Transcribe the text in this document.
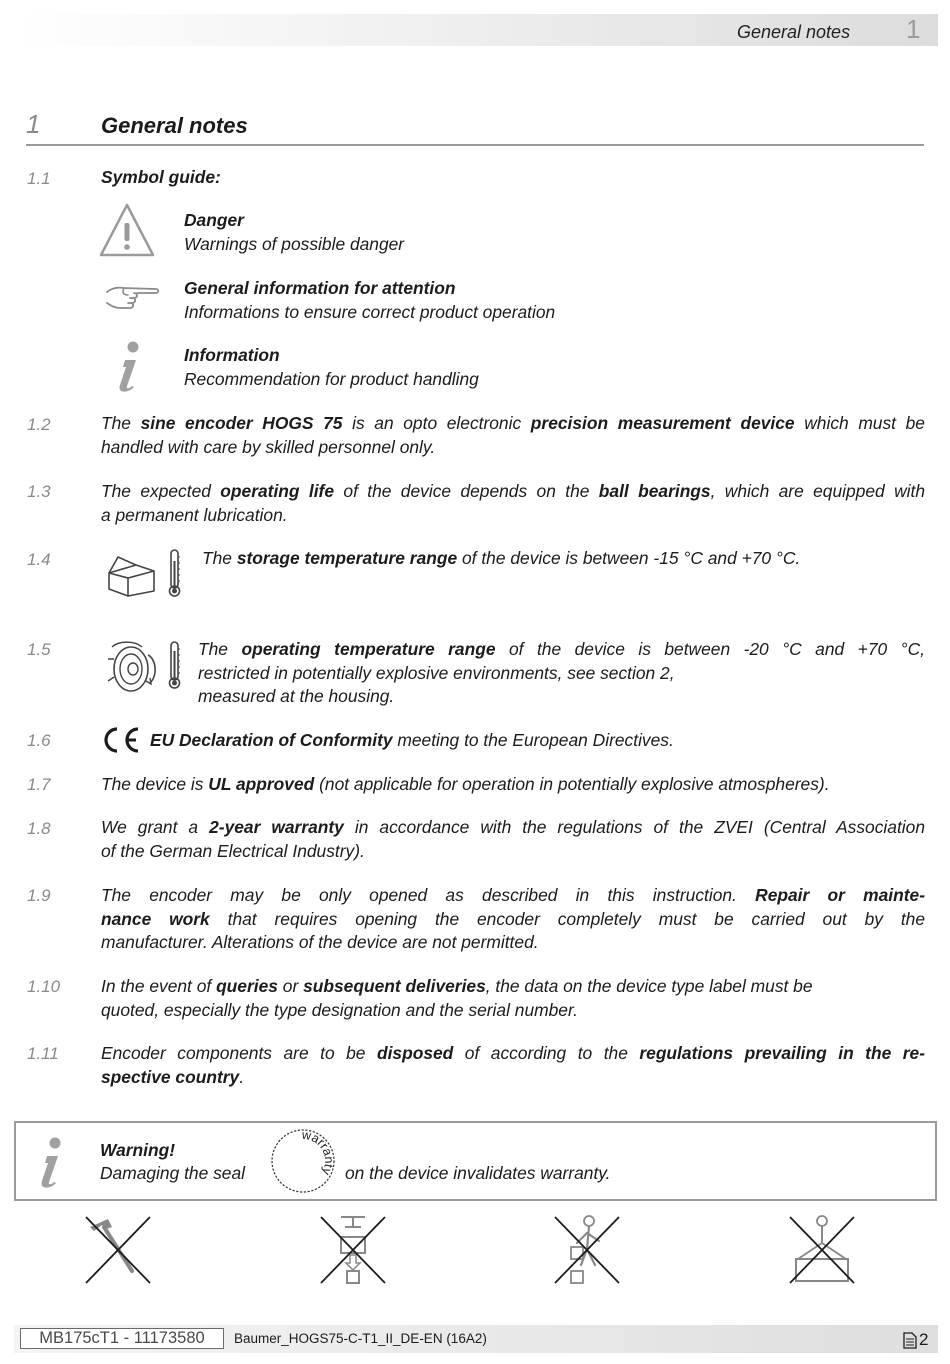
General notes 1
1	General notes
1.1	Symbol guide:
Danger
Warnings of possible danger
General information for attention
Informations to ensure correct product operation
Information
Recommendation for product handling
1.2	The sine encoder HOGS 75 is an opto electronic precision measurement device which must be
handled with care by skilled personnel only.
1.3	The expected operating life of the device depends on the ball bearings, which are equipped with
a permanent lubrication.
1.4	The storage temperature range of the device is between -15 °C and +70 °C.
1.5	The operating temperature range of the device is between -20 °C and +70 °C,
restricted in potentially explosive environments, see section 2,
measured at the housing.
1.6	EU Declaration of Conformity meeting to the European Directives.
1.7	The device is UL approved (not applicable for operation in potentially explosive atmospheres).
1.8	We grant a 2-year warranty in accordance with the regulations of the ZVEI (Central Association
of the German Electrical Industry).
1.9	The encoder may be only opened as described in this instruction. Repair or mainte-
nance work that requires opening the encoder completely must be carried out by the
manufacturer. Alterations of the device are not permitted.
1.10 In the event of queries or subsequent deliveries, the data on the device type label must be
quoted, especially the type designation and the serial number.
1.11 Encoder components are to be disposed of according to the regulations prevailing in the re-
spective country.
Warning!
Damaging the seal
warranty on the device invalidates warranty.
MB175cT1 - 11173580	Baumer_HOGS75-C-T1_II_DE-EN (16A2)	2
